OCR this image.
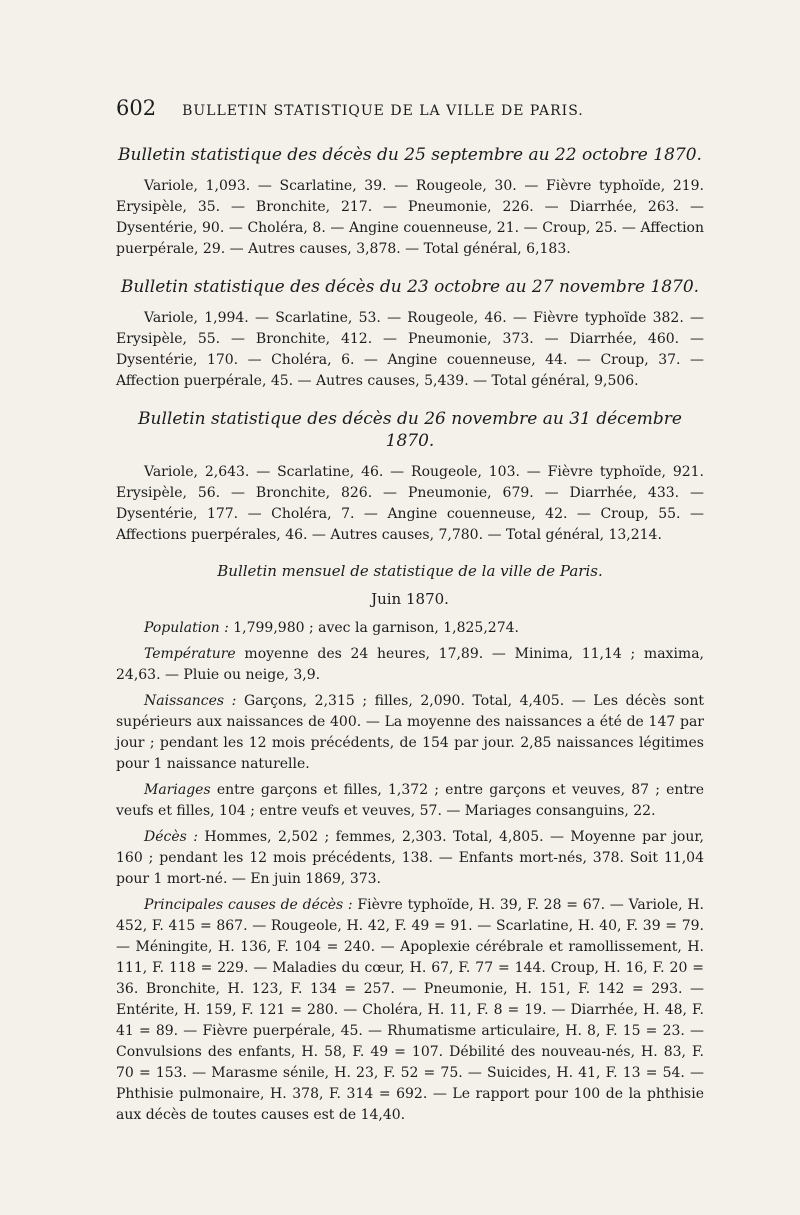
602 BULLETIN STATISTIQUE DE LA VILLE DE PARIS.

Bulletin statistique des décès du 25 septembre au 22 octobre 1870.

Variole, 1,093. — Scarlatine, 39. — Rougeole, 30. — Fièvre typhoïde, 219. Erysipèle, 35. — Bronchite, 217. — Pneumonie, 226. — Diarrhée, 263. — Dysentérie, 90. — Choléra, 8. — Angine couenneuse, 21. — Croup, 25. — Affection puerpérale, 29. — Autres causes, 3,878. — Total général, 6,183.

Bulletin statistique des décès du 23 octobre au 27 novembre 1870.

Variole, 1,994. — Scarlatine, 53. — Rougeole, 46. — Fièvre typhoïde 382. — Erysipèle, 55. — Bronchite, 412. — Pneumonie, 373. — Diarrhée, 460. — Dysentérie, 170. — Choléra, 6. — Angine couenneuse, 44. — Croup, 37. — Affection puerpérale, 45. — Autres causes, 5,439. — Total général, 9,506.

Bulletin statistique des décès du 26 novembre au 31 décembre 1870.

Variole, 2,643. — Scarlatine, 46. — Rougeole, 103. — Fièvre typhoïde, 921. Erysipèle, 56. — Bronchite, 826. — Pneumonie, 679. — Diarrhée, 433. — Dysentérie, 177. — Choléra, 7. — Angine couenneuse, 42. — Croup, 55. — Affections puerpérales, 46. — Autres causes, 7,780. — Total général, 13,214.

Bulletin mensuel de statistique de la ville de Paris.

Juin 1870.

Population : 1,799,980 ; avec la garnison, 1,825,274.

Température moyenne des 24 heures, 17,89. — Minima, 11,14 ; maxima, 24,63. — Pluie ou neige, 3,9.

Naissances : Garçons, 2,315 ; filles, 2,090. Total, 4,405. — Les décès sont supérieurs aux naissances de 400. — La moyenne des naissances a été de 147 par jour ; pendant les 12 mois précédents, de 154 par jour. 2,85 naissances légitimes pour 1 naissance naturelle.

Mariages entre garçons et filles, 1,372 ; entre garçons et veuves, 87 ; entre veufs et filles, 104 ; entre veufs et veuves, 57. — Mariages consanguins, 22.

Décès : Hommes, 2,502 ; femmes, 2,303. Total, 4,805. — Moyenne par jour, 160 ; pendant les 12 mois précédents, 138. — Enfants mort-nés, 378. Soit 11,04 pour 1 mort-né. — En juin 1869, 373.

Principales causes de décès : Fièvre typhoïde, H. 39, F. 28 = 67. — Variole, H. 452, F. 415 = 867. — Rougeole, H. 42, F. 49 = 91. — Scarlatine, H. 40, F. 39 = 79. — Méningite, H. 136, F. 104 = 240. — Apoplexie cérébrale et ramollissement, H. 111, F. 118 = 229. — Maladies du cœur, H. 67, F. 77 = 144. Croup, H. 16, F. 20 = 36. Bronchite, H. 123, F. 134 = 257. — Pneumonie, H. 151, F. 142 = 293. — Entérite, H. 159, F. 121 = 280. — Choléra, H. 11, F. 8 = 19. — Diarrhée, H. 48, F. 41 = 89. — Fièvre puerpérale, 45. — Rhumatisme articulaire, H. 8, F. 15 = 23. — Convulsions des enfants, H. 58, F. 49 = 107. Débilité des nouveau-nés, H. 83, F. 70 = 153. — Marasme sénile, H. 23, F. 52 = 75. — Suicides, H. 41, F. 13 = 54. — Phthisie pulmonaire, H. 378, F. 314 = 692. — Le rapport pour 100 de la phthisie aux décès de toutes causes est de 14,40.
